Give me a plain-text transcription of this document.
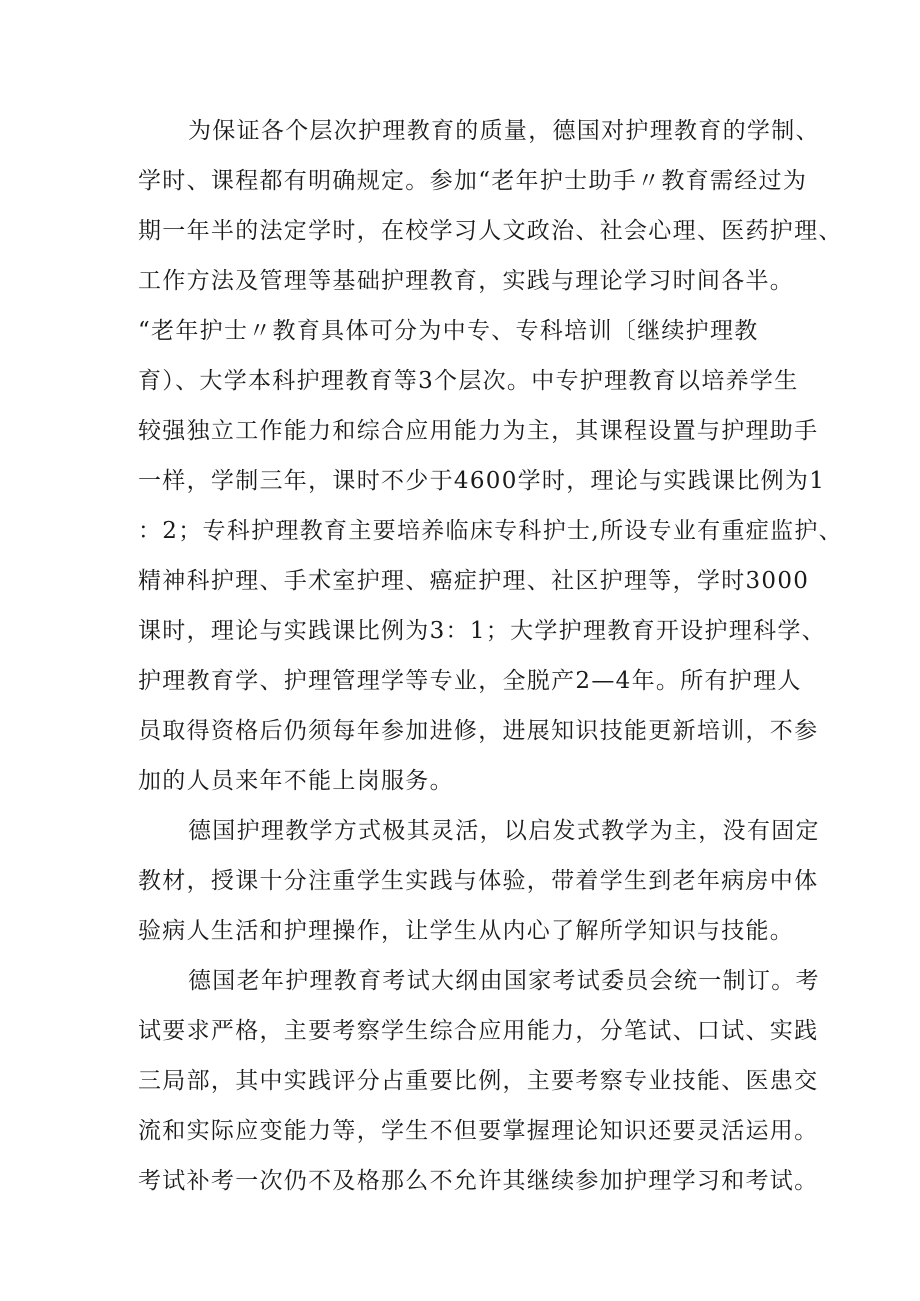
为保证各个层次护理教育的质量，德国对护理教育的学制、

学时、课程都有明确规定。参加“老年护士助手〃教育需经过为

期一年半的法定学时，在校学习人文政治、社会心理、医药护理、

工作方法及管理等基础护理教育，实践与理论学习时间各半。

“老年护士〃教育具体可分为中专、专科培训〔继续护理教

育）、大学本科护理教育等3个层次。中专护理教育以培养学生

较强独立工作能力和综合应用能力为主，其课程设置与护理助手

一样，学制三年，课时不少于4600学时，理论与实践课比例为1

：2；专科护理教育主要培养临床专科护士,所设专业有重症监护、

精神科护理、手术室护理、癌症护理、社区护理等，学时3000

课时，理论与实践课比例为3：1；大学护理教育开设护理科学、

护理教育学、护理管理学等专业，全脱产2—4年。所有护理人

员取得资格后仍须每年参加进修，进展知识技能更新培训，不参

加的人员来年不能上岗服务。

德国护理教学方式极其灵活，以启发式教学为主，没有固定

教材，授课十分注重学生实践与体验，带着学生到老年病房中体

验病人生活和护理操作，让学生从内心了解所学知识与技能。

德国老年护理教育考试大纲由国家考试委员会统一制订。考

试要求严格，主要考察学生综合应用能力，分笔试、口试、实践

三局部，其中实践评分占重要比例，主要考察专业技能、医患交

流和实际应变能力等，学生不但要掌握理论知识还要灵活运用。

考试补考一次仍不及格那么不允许其继续参加护理学习和考试。
